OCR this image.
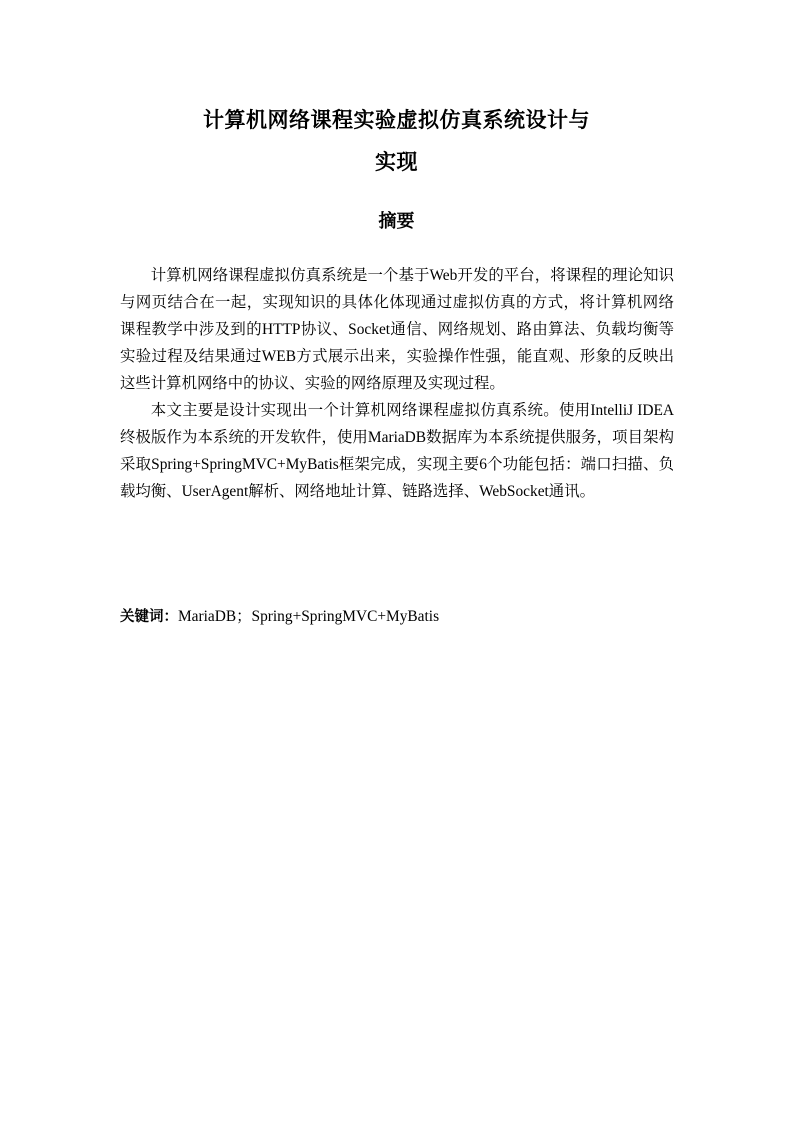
计算机网络课程实验虚拟仿真系统设计与
实现
摘要

计算机网络课程虚拟仿真系统是一个基于Web开发的平台，将课程的理论知识与网页结合在一起，实现知识的具体化体现通过虚拟仿真的方式，将计算机网络课程教学中涉及到的HTTP协议、Socket通信、网络规划、路由算法、负载均衡等实验过程及结果通过WEB方式展示出来，实验操作性强，能直观、形象的反映出这些计算机网络中的协议、实验的网络原理及实现过程。

本文主要是设计实现出一个计算机网络课程虚拟仿真系统。使用IntelliJ IDEA 终极版作为本系统的开发软件，使用MariaDB数据库为本系统提供服务，项目架构采取Spring+SpringMVC+MyBatis框架完成，实现主要6个功能包括：端口扫描、负载均衡、UserAgent解析、网络地址计算、链路选择、WebSocket通讯。

关键词：MariaDB；Spring+SpringMVC+MyBatis
